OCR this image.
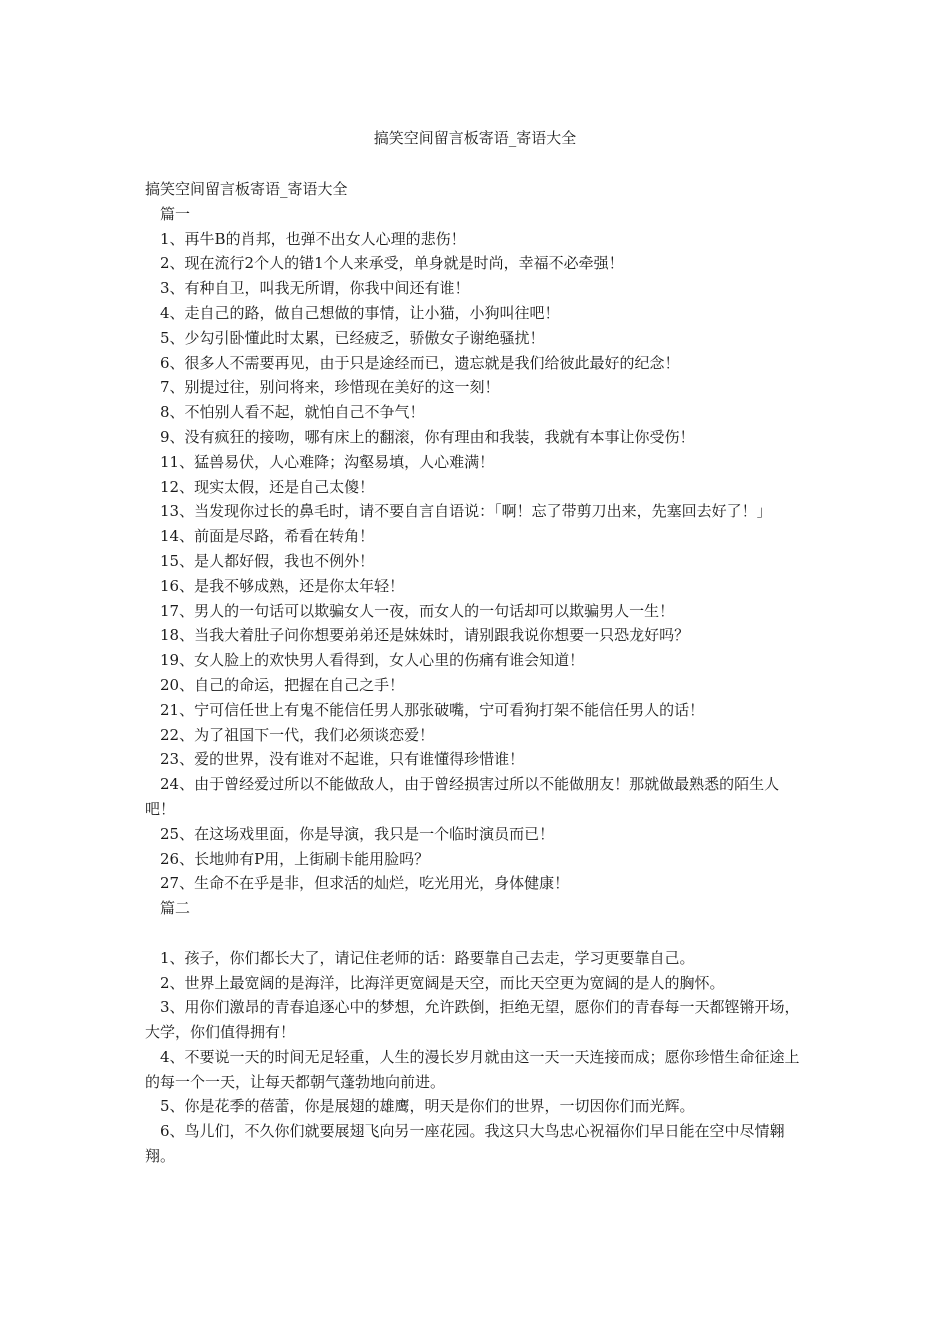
搞笑空间留言板寄语_寄语大全

搞笑空间留言板寄语_寄语大全

篇一

1、再牛B的肖邦，也弹不出女人心理的悲伤！

2、现在流行2个人的错1个人来承受，单身就是时尚，幸福不必牵强！

3、有种自卫，叫我无所谓，你我中间还有谁！

4、走自己的路，做自己想做的事情，让小猫，小狗叫往吧！

5、少勾引卧懂此时太累，已经疲乏，骄傲女子谢绝骚扰！

6、很多人不需要再见，由于只是途经而已，遗忘就是我们给彼此最好的纪念！

7、别提过往，别问将来，珍惜现在美好的这一刻！

8、不怕别人看不起，就怕自己不争气！

9、没有疯狂的接吻，哪有床上的翻滚，你有理由和我装，我就有本事让你受伤！

11、猛兽易伏，人心难降；沟壑易填，人心难满！

12、现实太假，还是自己太傻！

13、当发现你过长的鼻毛时，请不要自言自语说：「啊！忘了带剪刀出来，先塞回去好了！」

14、前面是尽路，希看在转角！

15、是人都好假，我也不例外！

16、是我不够成熟，还是你太年轻！

17、男人的一句话可以欺骗女人一夜，而女人的一句话却可以欺骗男人一生！

18、当我大着肚子问你想要弟弟还是妹妹时，请别跟我说你想要一只恐龙好吗？

19、女人脸上的欢快男人看得到，女人心里的伤痛有谁会知道！

20、自己的命运，把握在自己之手！

21、宁可信任世上有鬼不能信任男人那张破嘴，宁可看狗打架不能信任男人的话！

22、为了祖国下一代，我们必须谈恋爱！

23、爱的世界，没有谁对不起谁，只有谁懂得珍惜谁！

24、由于曾经爱过所以不能做敌人，由于曾经损害过所以不能做朋友！那就做最熟悉的陌生人吧！

25、在这场戏里面，你是导演，我只是一个临时演员而已！

26、长地帅有P用，上街刷卡能用脸吗？

27、生命不在乎是非，但求活的灿烂，吃光用光，身体健康！

篇二

1、孩子，你们都长大了，请记住老师的话：路要靠自己去走，学习更要靠自己。

2、世界上最宽阔的是海洋，比海洋更宽阔是天空，而比天空更为宽阔的是人的胸怀。

3、用你们激昂的青春追逐心中的梦想，允许跌倒，拒绝无望，愿你们的青春每一天都铿锵开场，大学，你们值得拥有！

4、不要说一天的时间无足轻重，人生的漫长岁月就由这一天一天连接而成；愿你珍惜生命征途上的每一个一天，让每天都朝气蓬勃地向前进。

5、你是花季的蓓蕾，你是展翅的雄鹰，明天是你们的世界，一切因你们而光辉。

6、鸟儿们，不久你们就要展翅飞向另一座花园。我这只大鸟忠心祝福你们早日能在空中尽情翱翔。
